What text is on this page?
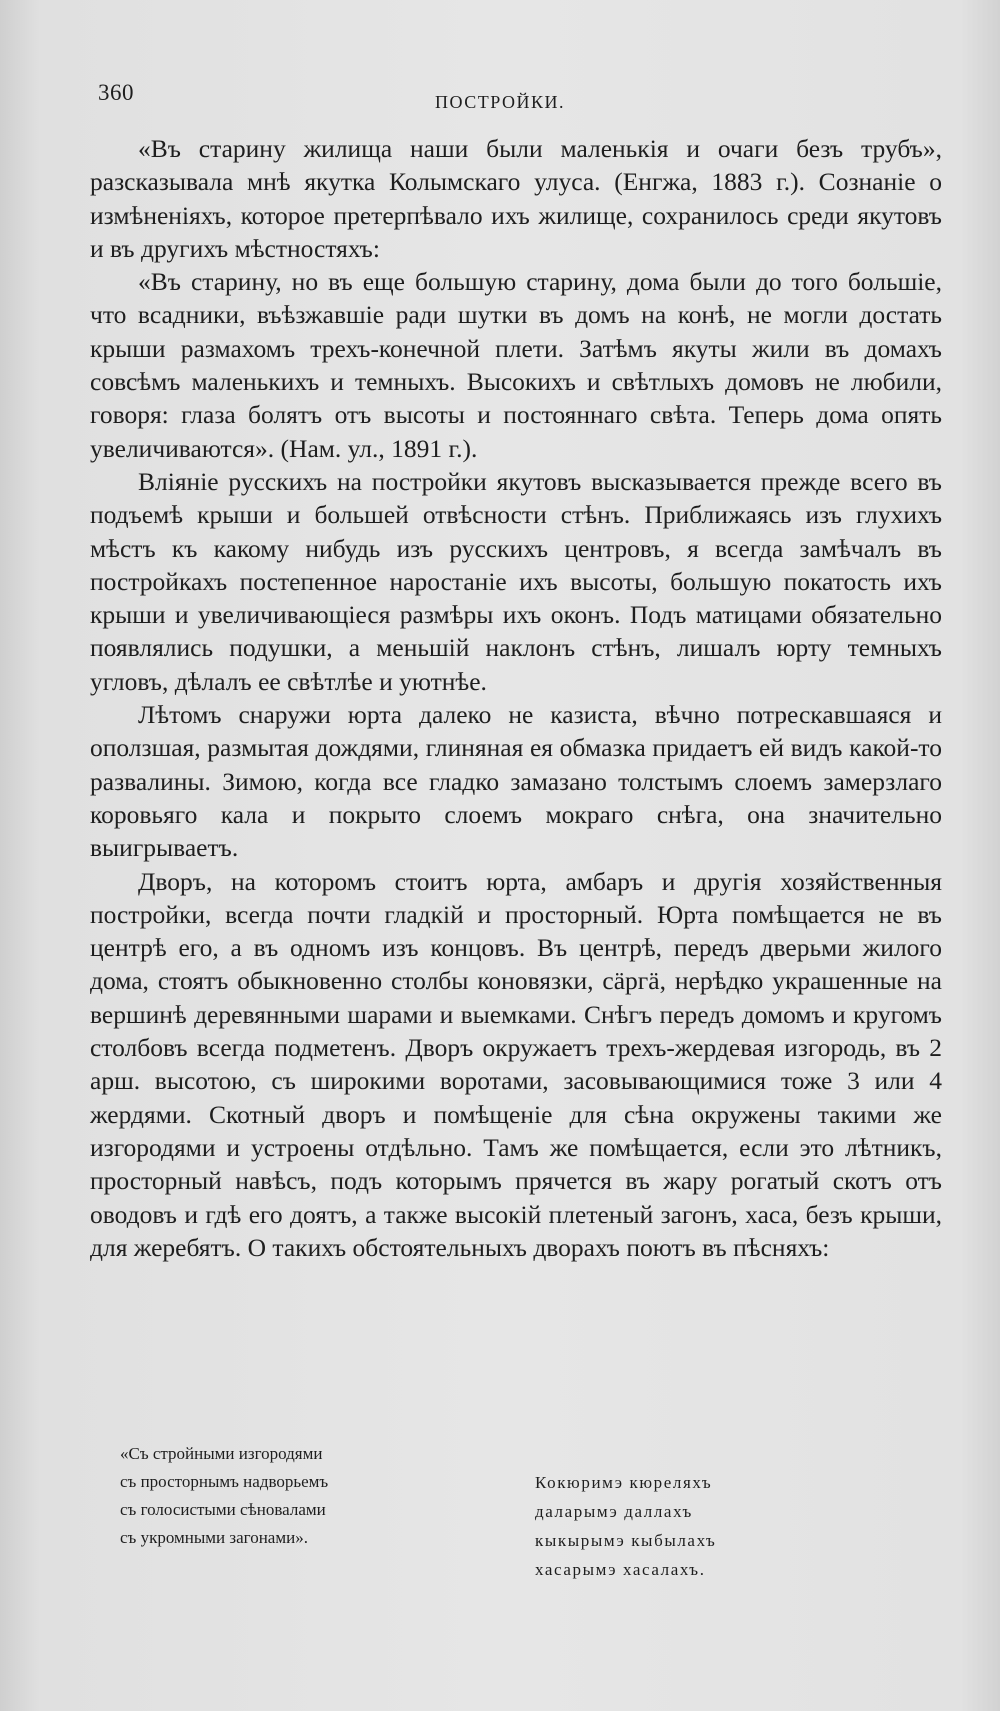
360	ПОСТРОЙКИ.

«Въ старину жилища наши были маленькія и очаги безъ трубъ», разсказывала мнѣ якутка Колымскаго улуса. (Енгжа, 1883 г.). Сознаніе о измѣненіяхъ, которое претерпѣвало ихъ жилище, сохранилось среди якутовъ и въ другихъ мѣстностяхъ:

«Въ старину, но въ еще большую старину, дома были до того большіе, что всадники, въѣзжавшіе ради шутки въ домъ на конѣ, не могли достать крыши размахомъ трехъ-конечной плети. Затѣмъ якуты жили въ домахъ совсѣмъ маленькихъ и темныхъ. Высокихъ и свѣтлыхъ домовъ не любили, говоря: глаза болятъ отъ высоты и постояннаго свѣта. Теперь дома опять увеличиваются». (Нам. ул., 1891 г.).

Вліяніе русскихъ на постройки якутовъ высказывается прежде всего въ подъемѣ крыши и большей отвѣсности стѣнъ. Приближаясь изъ глухихъ мѣстъ къ какому нибудь изъ русскихъ центровъ, я всегда замѣчалъ въ постройкахъ постепенное наростаніе ихъ высоты, большую покатость ихъ крыши и увеличивающіеся размѣры ихъ оконъ. Подъ матицами обязательно появлялись подушки, а меньшій наклонъ стѣнъ, лишалъ юрту темныхъ угловъ, дѣлалъ ее свѣтлѣе и уютнѣе.

Лѣтомъ снаружи юрта далеко не казиста, вѣчно потрескавшаяся и оползшая, размытая дождями, глиняная ея обмазка придаетъ ей видъ какой-то развалины. Зимою, когда все гладко замазано толстымъ слоемъ замерзлаго коровьяго кала и покрыто слоемъ мокраго снѣга, она значительно выигрываетъ.

Дворъ, на которомъ стоитъ юрта, амбаръ и другія хозяйственныя постройки, всегда почти гладкій и просторный. Юрта помѣщается не въ центрѣ его, а въ одномъ изъ концовъ. Въ центрѣ, передъ дверьми жилого дома, стоятъ обыкновенно столбы коновязки, сäргä, нерѣдко украшенные на вершинѣ деревянными шарами и выемками. Снѣгъ передъ домомъ и кругомъ столбовъ всегда подметенъ. Дворъ окружаетъ трехъ-жердевая изгородь, въ 2 арш. высотою, съ широкими воротами, засовывающимися тоже 3 или 4 жердями. Скотный дворъ и помѣщеніе для сѣна окружены такими же изгородями и устроены отдѣльно. Тамъ же помѣщается, если это лѣтникъ, просторный навѣсъ, подъ которымъ прячется въ жару рогатый скотъ отъ оводовъ и гдѣ его доятъ, а также высокій плетеный загонъ, хаса, безъ крыши, для жеребятъ. О такихъ обстоятельныхъ дворахъ поютъ въ пѣсняхъ:

«Съ стройными изгородями
съ просторнымъ надворьемъ
съ голосистыми сѣновалами
съ укромными загонами».
Кокюримэ кюреляхъ
даларымэ даллахъ
кыкырымэ кыбылахъ
хасарымэ хасалахъ.
